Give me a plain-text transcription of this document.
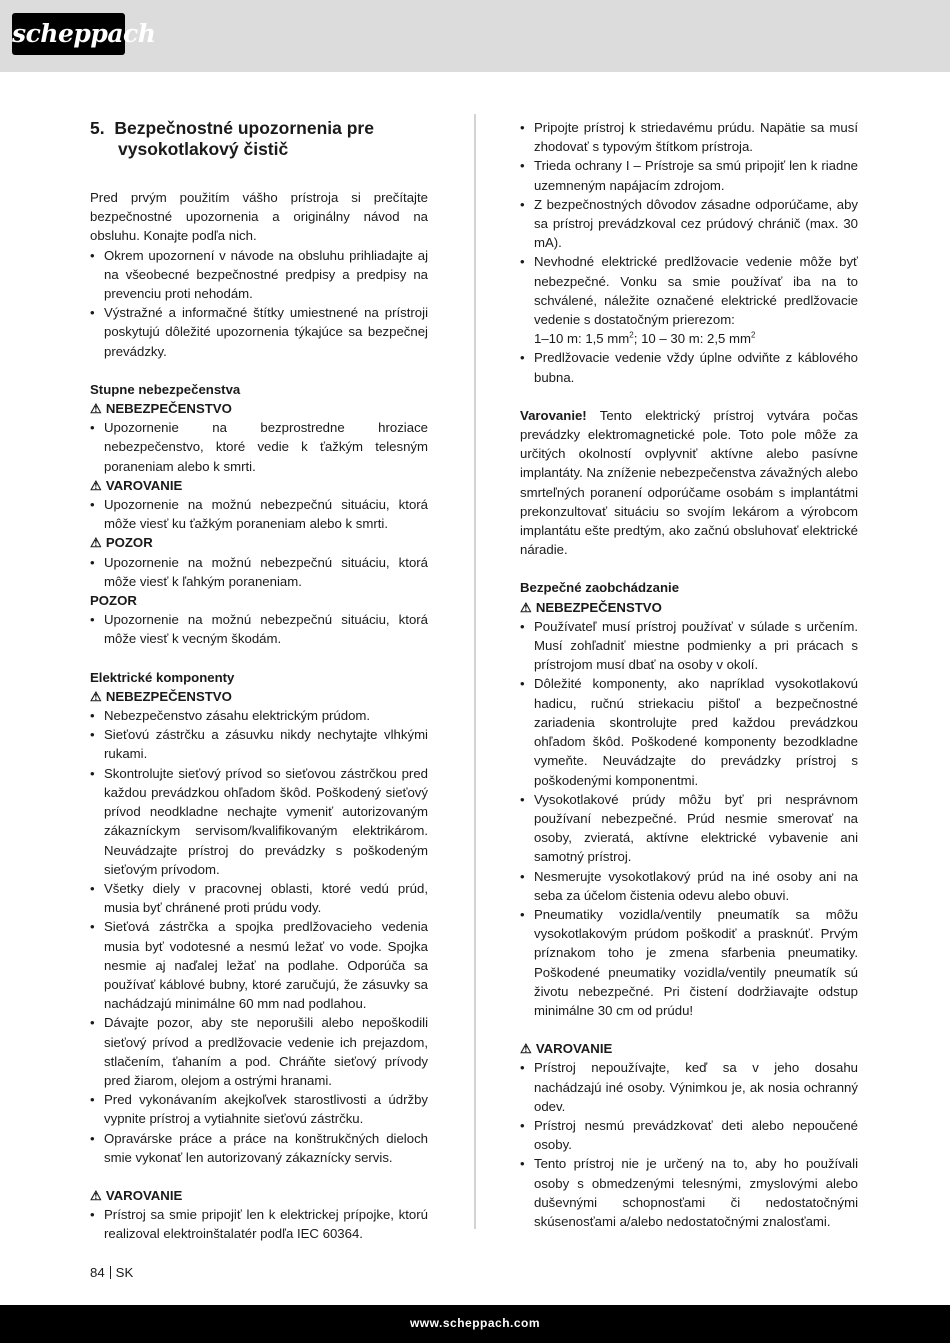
scheppach
5. Bezpečnostné upozornenia pre vysokotlakový čistič

Pred prvým použitím vášho prístroja si prečítajte bezpečnostné upozornenia a originálny návod na obsluhu. Konajte podľa nich.

• Okrem upozornení v návode na obsluhu prihliadajte aj na všeobecné bezpečnostné predpisy a predpisy na prevenciu proti nehodám.
• Výstražné a informačné štítky umiestnené na prístroji poskytujú dôležité upozornenia týkajúce sa bezpečnej prevádzky.

Stupne nebezpečenstva

⚠ NEBEZPEČENSTVO

• Upozornenie na bezprostredne hroziace nebezpečenstvo, ktoré vedie k ťažkým telesným poraneniam alebo k smrti.

⚠ VAROVANIE

• Upozornenie na možnú nebezpečnú situáciu, ktorá môže viesť ku ťažkým poraneniam alebo k smrti.

⚠ POZOR

• Upozornenie na možnú nebezpečnú situáciu, ktorá môže viesť k ľahkým poraneniam.

POZOR

• Upozornenie na možnú nebezpečnú situáciu, ktorá môže viesť k vecným škodám.

Elektrické komponenty

⚠ NEBEZPEČENSTVO

• Nebezpečenstvo zásahu elektrickým prúdom.
• Sieťovú zástrčku a zásuvku nikdy nechytajte vlhkými rukami.
• Skontrolujte sieťový prívod so sieťovou zástrčkou pred každou prevádzkou ohľadom škôd. Poškodený sieťový prívod neodkladne nechajte vymeniť autorizovaným zákazníckym servisom/kvalifikovaným elektrikárom. Neuvádzajte prístroj do prevádzky s poškodeným sieťovým prívodom.
• Všetky diely v pracovnej oblasti, ktoré vedú prúd, musia byť chránené proti prúdu vody.
• Sieťová zástrčka a spojka predlžovacieho vedenia musia byť vodotesné a nesmú ležať vo vode. Spojka nesmie aj naďalej ležať na podlahe. Odporúča sa používať káblové bubny, ktoré zaručujú, že zásuvky sa nachádzajú minimálne 60 mm nad podlahou.
• Dávajte pozor, aby ste neporušili alebo nepoškodili sieťový prívod a predlžovacie vedenie ich prejazdom, stlačením, ťahaním a pod. Chráňte sieťový prívody pred žiarom, olejom a ostrými hranami.
• Pred vykonávaním akejkoľvek starostlivosti a údržby vypnite prístroj a vytiahnite sieťovú zástrčku.
• Opravárske práce a práce na konštrukčných dieloch smie vykonať len autorizovaný zákaznícky servis.

⚠ VAROVANIE

• Prístroj sa smie pripojiť len k elektrickej prípojke, ktorú realizoval elektroinštalatér podľa IEC 60364.
• Pripojte prístroj k striedavému prúdu. Napätie sa musí zhodovať s typovým štítkom prístroja.
• Trieda ochrany I – Prístroje sa smú pripojiť len k riadne uzemneným napájacím zdrojom.
• Z bezpečnostných dôvodov zásadne odporúčame, aby sa prístroj prevádzkoval cez prúdový chránič (max. 30 mA).
• Nevhodné elektrické predlžovacie vedenie môže byť nebezpečné. Vonku sa smie používať iba na to schválené, náležite označené elektrické predlžovacie vedenie s dostatočným prierezom:
1–10 m: 1,5 $mm^2$; 10 – 30 m: 2,5 $mm^2$
• Predlžovacie vedenie vždy úplne odviňte z káblového bubna.

Varovanie! Tento elektrický prístroj vytvára počas prevádzky elektromagnetické pole. Toto pole môže za určitých okolností ovplyvniť aktívne alebo pasívne implantáty. Na zníženie nebezpečenstva závažných alebo smrteľných poranení odporúčame osobám s implantátmi prekonzultovať situáciu so svojím lekárom a výrobcom implantátu ešte predtým, ako začnú obsluhovať elektrické náradie.

Bezpečné zaobchádzanie

⚠ NEBEZPEČENSTVO

• Používateľ musí prístroj používať v súlade s určením. Musí zohľadniť miestne podmienky a pri prácach s prístrojom musí dbať na osoby v okolí.
• Dôležité komponenty, ako napríklad vysokotlakovú hadicu, ručnú striekaciu pištoľ a bezpečnostné zariadenia skontrolujte pred každou prevádzkou ohľadom škôd. Poškodené komponenty bezodkladne vymeňte. Neuvádzajte do prevádzky prístroj s poškodenými komponentmi.
• Vysokotlakové prúdy môžu byť pri nesprávnom používaní nebezpečné. Prúd nesmie smerovať na osoby, zvieratá, aktívne elektrické vybavenie ani samotný prístroj.
• Nesmerujte vysokotlakový prúd na iné osoby ani na seba za účelom čistenia odevu alebo obuvi.
• Pneumatiky vozidla/ventily pneumatík sa môžu vysokotlakovým prúdom poškodiť a prasknúť. Prvým príznakom toho je zmena sfarbenia pneumatiky. Poškodené pneumatiky vozidla/ventily pneumatík sú životu nebezpečné. Pri čistení dodržiavajte odstup minimálne 30 cm od prúdu!

⚠ VAROVANIE

• Prístroj nepoužívajte, keď sa v jeho dosahu nachádzajú iné osoby. Výnimkou je, ak nosia ochranný odev.
• Prístroj nesmú prevádzkovať deti alebo nepoučené osoby.
• Tento prístroj nie je určený na to, aby ho používali osoby s obmedzenými telesnými, zmyslovými alebo duševnými schopnosťami či nedostatočnými skúsenosťami a/alebo nedostatočnými znalosťami.
84 SK
www.scheppach.com
